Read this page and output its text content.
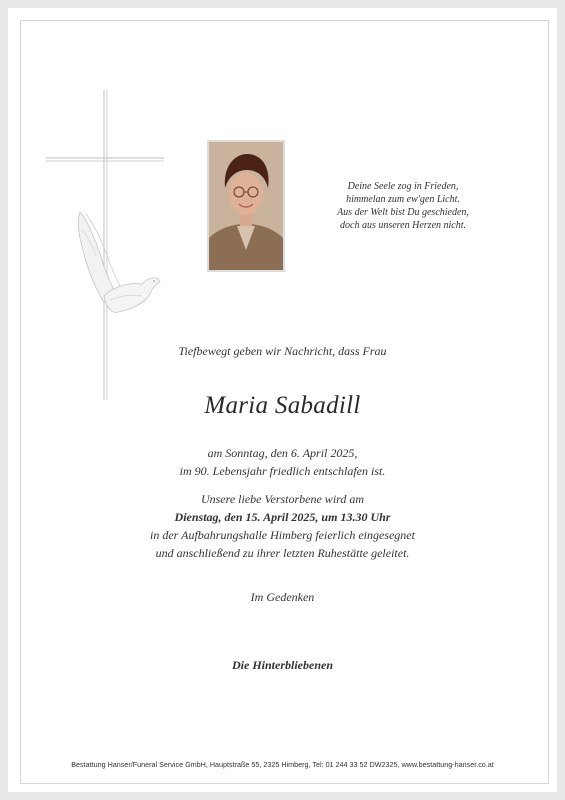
Deine Seele zog in Frieden,
himmelan zum ew'gen Licht.
Aus der Welt bist Du geschieden,
doch aus unseren Herzen nicht.
Tiefbewegt geben wir Nachricht, dass Frau
Maria Sabadill
am Sonntag, den 6. April 2025,
im 90. Lebensjahr friedlich entschlafen ist.
Unsere liebe Verstorbene wird am
Dienstag, den 15. April 2025, um 13.30 Uhr
in der Aufbahrungshalle Himberg feierlich eingesegnet
und anschließend zu ihrer letzten Ruhestätte geleitet.
Im Gedenken
Die Hinterbliebenen
Bestattung Hanser/Funeral Service GmbH, Hauptstraße 55, 2325 Himberg, Tel: 01 244 33 52 DW2325, www.bestattung-hanser.co.at
